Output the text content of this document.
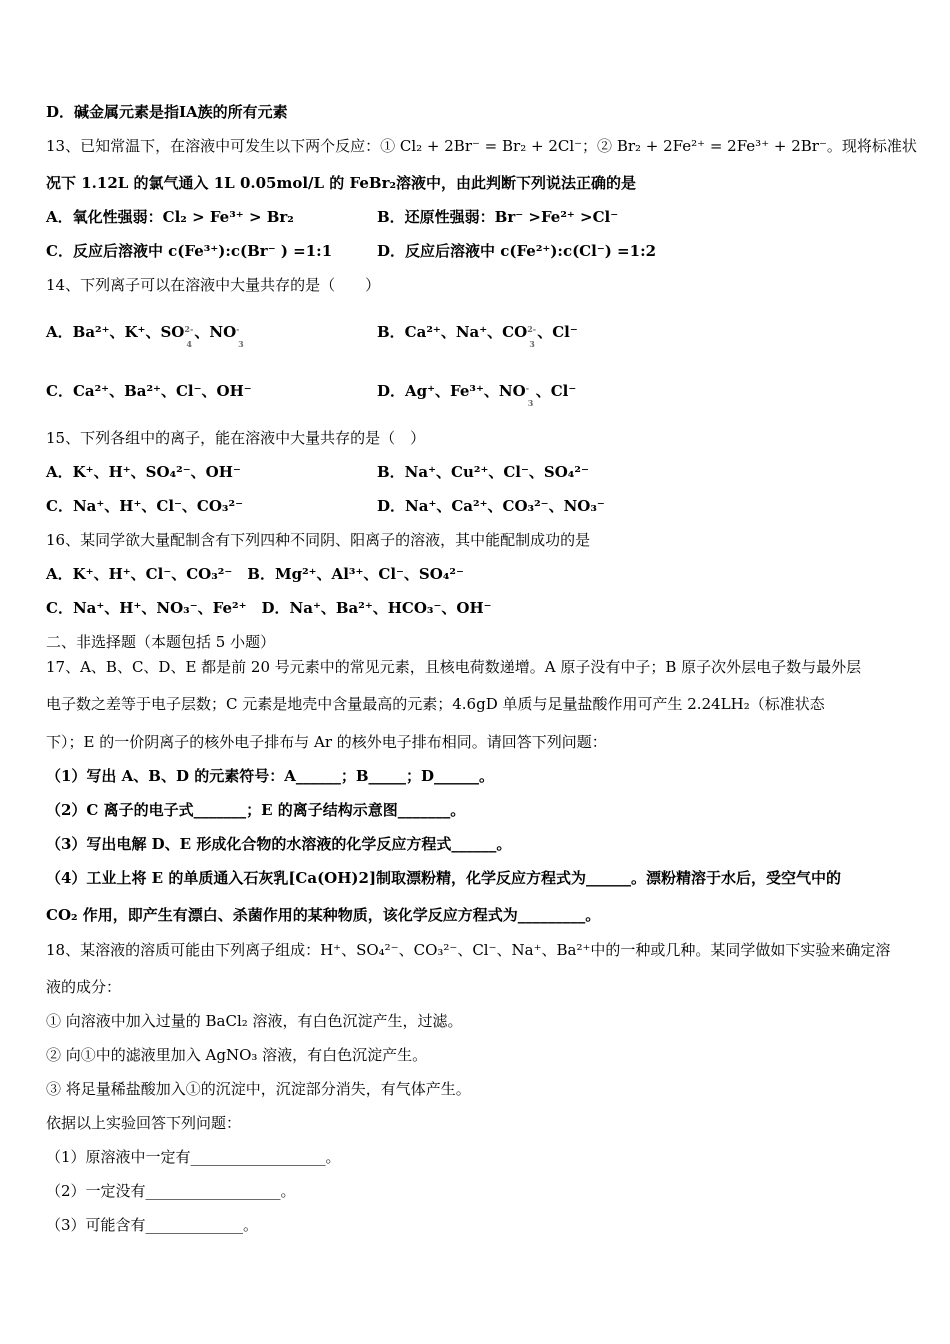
D．碱金属元素是指ⅠA族的所有元素
13、已知常温下，在溶液中可发生以下两个反应：① Cl₂ + 2Br⁻ = Br₂ + 2Cl⁻；② Br₂ + 2Fe²⁺ = 2Fe³⁺ + 2Br⁻。现将标准状
况下 1.12L 的氯气通入 1L 0.05mol/L 的 FeBr₂溶液中，由此判断下列说法正确的是
A．氧化性强弱：Cl₂ > Fe³⁺ > Br₂	B．还原性强弱：Br⁻ >Fe²⁺ >Cl⁻
C．反应后溶液中 c(Fe³⁺):c(Br⁻ ) =1:1	D．反应后溶液中 c(Fe²⁺):c(Cl⁻) =1:2
14、下列离子可以在溶液中大量共存的是（　　）
A．Ba²⁺、K⁺、SO 2-
4
、NO -
3
B．Ca²⁺、Na⁺、CO 2-
3
、Cl⁻
C．Ca²⁺、Ba²⁺、Cl⁻、OH⁻	D．Ag⁺、Fe³⁺、NO -
3
、Cl⁻
15、下列各组中的离子，能在溶液中大量共存的是（　）
A．K⁺、H⁺、SO₄²⁻、OH⁻	B．Na⁺、Cu²⁺、Cl⁻、SO₄²⁻
C．Na⁺、H⁺、Cl⁻、CO₃²⁻	D．Na⁺、Ca²⁺、CO₃²⁻、NO₃⁻
16、某同学欲大量配制含有下列四种不同阴、阳离子的溶液，其中能配制成功的是
A．K⁺、H⁺、Cl⁻、CO₃²⁻　B．Mg²⁺、Al³⁺、Cl⁻、SO₄²⁻
C．Na⁺、H⁺、NO₃⁻、Fe²⁺　D．Na⁺、Ba²⁺、HCO₃⁻、OH⁻
二、非选择题（本题包括 5 小题）
17、A、B、C、D、E 都是前 20 号元素中的常见元素，且核电荷数递增。A 原子没有中子；B 原子次外层电子数与最外层
电子数之差等于电子层数；C 元素是地壳中含量最高的元素；4.6gD 单质与足量盐酸作用可产生 2.24LH₂（标准状态
下）；E 的一价阴离子的核外电子排布与 Ar 的核外电子排布相同。请回答下列问题：
（1）写出 A、B、D 的元素符号：A______；B_____；D______。
（2）C 离子的电子式_______；E 的离子结构示意图_______。
（3）写出电解 D、E 形成化合物的水溶液的化学反应方程式______。
（4）工业上将 E 的单质通入石灰乳[Ca(OH)2]制取漂粉精，化学反应方程式为______。漂粉精溶于水后，受空气中的
CO₂ 作用，即产生有漂白、杀菌作用的某种物质，该化学反应方程式为_________。
18、某溶液的溶质可能由下列离子组成：H⁺、SO₄²⁻、CO₃²⁻、Cl⁻、Na⁺、Ba²⁺中的一种或几种。某同学做如下实验来确定溶
液的成分：
① 向溶液中加入过量的 BaCl₂ 溶液，有白色沉淀产生，过滤。
② 向①中的滤液里加入 AgNO₃ 溶液，有白色沉淀产生。
③ 将足量稀盐酸加入①的沉淀中，沉淀部分消失，有气体产生。
依据以上实验回答下列问题：
（1）原溶液中一定有__________________。
（2）一定没有__________________。
（3）可能含有_____________。
